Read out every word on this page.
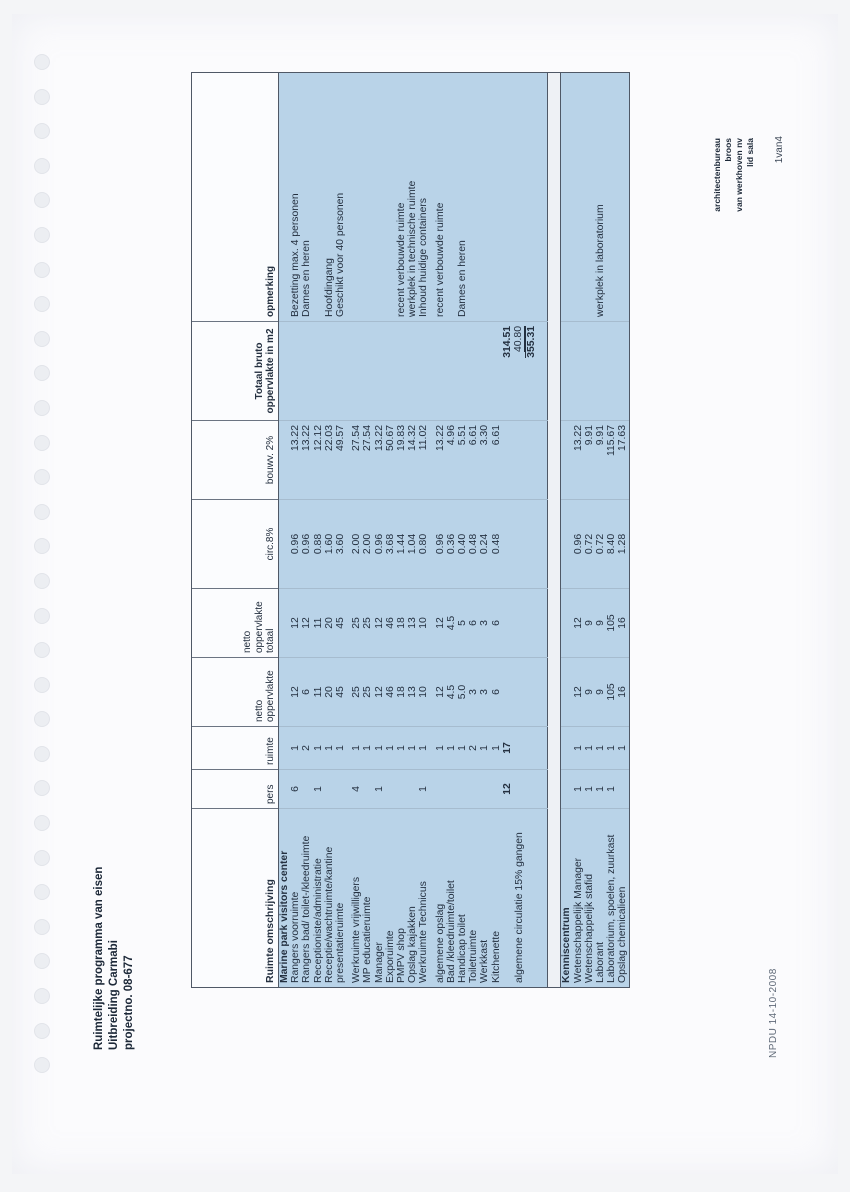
Ruimtelijke programma van eisen Uitbreiding Carmabi projectno. 08-677
architectenbureau broos van werkhoven nv lid sala
NPDU 14-10-2008
1van4
Ruimte omschrijving	pers	ruimte	netto oppervlakte	netto oppervlakte totaal	circ.8%	bouwv. 2%	Totaal bruto oppervlakte in m2	opmerking
Marine park visitors center								
Rangers voorruimte	6	1	12	12	0.96	13.22		Bezetting max. 4 personen
Rangers bad/ toilet-/kleedruimte		2	6	12	0.96	13.22		Dames en heren
Receptioniste/administratie	1	1	11	11	0.88	12.12		
Receptie/wachtruimte/kantine		1	20	20	1.60	22.03		Hoofdingang
presentatieruimte		1	45	45	3.60	49.57		Geschikt voor 40 personen

Werkruimte vrijwilligers	4	1	25	25	2.00	27.54		
MP educatieruimte		1	25	25	2.00	27.54		
Manager	1	1	12	12	0.96	13.22		
Exporuimte		1	46	46	3.68	50.67		
PMPV shop		1	18	18	1.44	19.83		recent verbouwde ruimte
Opslag kajakken		1	13	13	1.04	14.32		werkplek in technische ruimte
Werkruimte Technicus	1	1	10	10	0.80	11.02		Inhoud huidige containers

algemene opslag		1	12	12	0.96	13.22		recent verbouwde ruimte
Bad /kleedruimte/toilet		1	4.5	4.5	0.36	4.96		
Handicap toilet		1	5.0	5	0.40	5.51		Dames en heren
Toiletruimte		2	3	6	0.48	6.61		
Werkkast		1	3	3	0.24	3.30		
Kitchenette		1	6	6	0.48	6.61		
	12	17					314.51	
algemene circulatie 15% gangen							40.80	
							355.31	

Kenniscentrum								
Wetenschappelijk Manager	1	1	12	12	0.96	13.22		
Wetenschappelijk stafid	1	1	9	9	0.72	9.91		
Laborant	1	1	9	9	0.72	9.91		werkplek in laboratorium
Laboratorium, spoelen, zuurkast	1	1	105	105	8.40	115.67		
Opslag chemicalieen		1	16	16	1.28	17.63		
